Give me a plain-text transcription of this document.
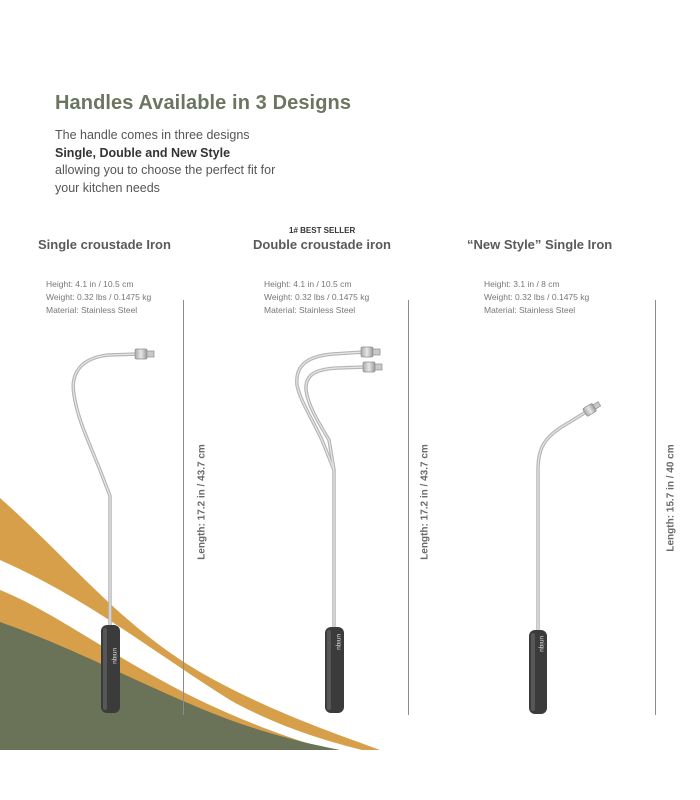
Handles Available in 3 Designs
The handle comes in three designs
Single, Double and New Style
allowing you to choose the perfect fit for
your kitchen needs
1# BEST SELLER
Single croustade Iron	Double croustade iron	“New Style” Single Iron
Height: 4.1 in / 10.5 cm
Weight: 0.32 lbs / 0.1475 kg
Material: Stainless Steel
Height: 4.1 in / 10.5 cm
Weight: 0.32 lbs / 0.1475 kg
Material: Stainless Steel
Height: 3.1 in / 8 cm
Weight: 0.32 lbs / 0.1475 kg
Material: Stainless Steel
Length: 17.2 in / 43.7 cm	Length: 17.2 in / 43.7 cm	Length: 15.7 in / 40 cm
uniqu
uniqu	uniqu
